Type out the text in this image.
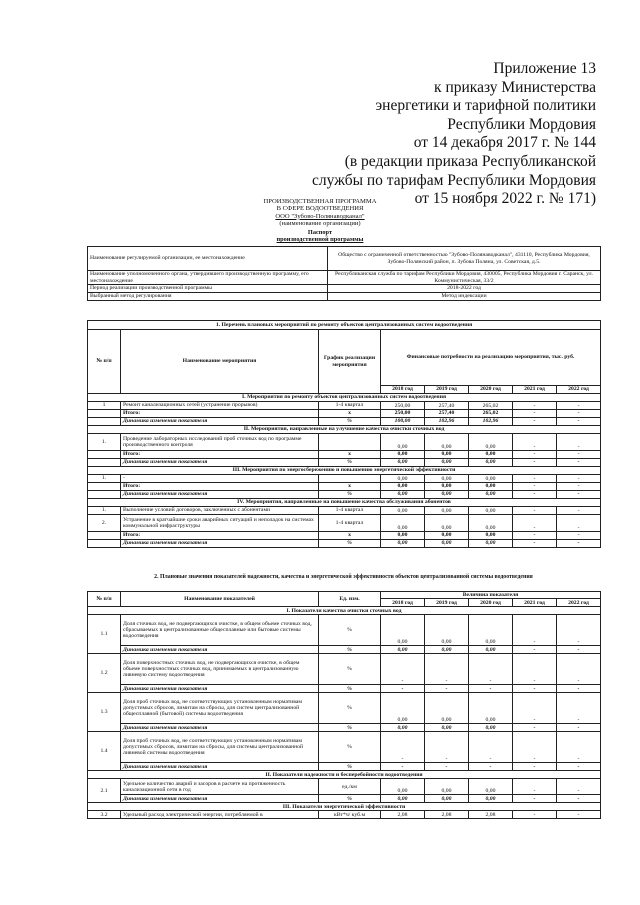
Приложение 13
к приказу Министерства
энергетики и тарифной политики
Республики Мордовия
от 14 декабря 2017 г. № 144
(в редакции приказа Республиканской
службы по тарифам Республики Мордовия
от 15 ноября 2022 г. № 171)
ПРОИЗВОДСТВЕННАЯ ПРОГРАММА
В СФЕРЕ ВОДООТВЕДЕНИЯ
ООО "Зубово-Полянаводканал"
(наименование организации)
Паспорт
производственной программы
Наименование регулируемой организации, ее местонахождение	Общество с ограниченной ответственностью "Зубово-Полянаводканал", 431110, Республика Мордовия, Зубово-Полянский район, п. Зубова Поляна, ул. Советская, д.5.
Наименование уполномоченного органа, утвердившего производственную программу, его местонахождение	Республиканская служба по тарифам Республики Мордовия, 430005, Республика Мордовия г. Саранск, ул. Коммунистическая, 33/2
Период реализации производственной программы	2018-2022 год
Выбранный метод регулирования	Метод индексации
1. Перечень плановых мероприятий по ремонту объектов централизованных систем водоотведения							
№ п/п	Наименование мероприятия	График реализации мероприятия	Финансовые потребности на реализацию мероприятия, тыс. руб.				
			2018 год	2019 год	2020 год	2021 год	2022 год
I. Мероприятия по ремонту объектов централизованных систем водоотведения							
1	Ремонт канализационных сетей (устранение прорывов)	1-4 квартал	250,00	257,40	265,02	-	-
	Итого:	х	250,00	257,40	265,02	-	-
	Динамика изменения показателя	%	100,00	102,96	102,96	-	-
II. Мероприятия, направленные на улучшение качества очистки сточных вод							
1.	Проведение лабораторных исследований проб сточных вод по программе производственного контроля		0,00	0,00	0,00	-	-
	Итого:	х	0,00	0,00	0,00	-	-
	Динамика изменения показателя	%	0,00	0,00	0,00	-	-
III. Мероприятия по энергосбережению и повышению энергетической эффективности							
1.	-		0,00	0,00	0,00	-	-
	Итого:	х	0,00	0,00	0,00	-	-
	Динамика изменения показателя	%	0,00	0,00	0,00	-	-
IV. Мероприятия, направленные на повышение качества обслуживания абонентов							
1.	Выполнение условий договоров, заключенных с абонентами	1-4 квартал	0,00	0,00	0,00	-	-
2.	Устранение в кратчайшие сроки аварийных ситуаций и неполадок на системах коммунальной инфраструктуры	1-4 квартал	0,00	0,00	0,00	-	-
	Итого:	х	0,00	0,00	0,00	-	-
	Динамика изменения показателя	%	0,00	0,00	0,00	-	-
2. Плановые значения показателей надежности, качества и энергетической эффективности объектов централизованной системы водоотведения
№ п/п	Наименование показателей	Ед. изм.	Величина показателя				
			2018 год	2019 год	2020 год	2021 год	2022 год
I. Показатели качества очистки сточных вод							
1.1	Доля сточных вод, не подвергающихся очистке, в общем объеме сточных вод, сбрасываемых в централизованные общесплавные или бытовые системы водоотведения	%	0,00	0,00	0,00	-	-
	Динамика изменения показателя	%	0,00	0,00	0,00	-	-
1.2	Доля поверхностных сточных вод, не подвергающихся очистке, в общем объеме поверхностных сточных вод, принимаемых в централизованную ливневую систему водоотведения	%	-	-	-	-	-
	Динамика изменения показателя	%	-	-	-	-	-
1.3	Доля проб сточных вод, не соответствующих установленным нормативам допустимых сбросов, лимитам на сбросы, для систем централизованной общесплавной (бытовой) системы водоотведения	%	0,00	0,00	0,00	-	-
	Динамика изменения показателя	%	0,00	0,00	0,00	-	-
1.4	Доля проб сточных вод, не соответствующих установленным нормативам допустимых сбросов, лимитам на сбросы, для системы централизованной ливневой системы водоотведения	%	-	-	-	-	-
	Динамика изменения показателя	%	-	-	-	-	-
II. Показатели надежности и бесперебойности водоотведения							
2.1	Удельное количество аварий и засоров в расчете на протяженность канализационной сети в год	ед./км	0,00	0,00	0,00	-	-
	Динамика изменения показателя	%	0,00	0,00	0,00	-	-
III. Показатели энергетической эффективности							
3.2	Удельный расход электрической энергии, потребляемой в	кВт*ч/ куб.м	2,08	2,08	2,08	-	-
